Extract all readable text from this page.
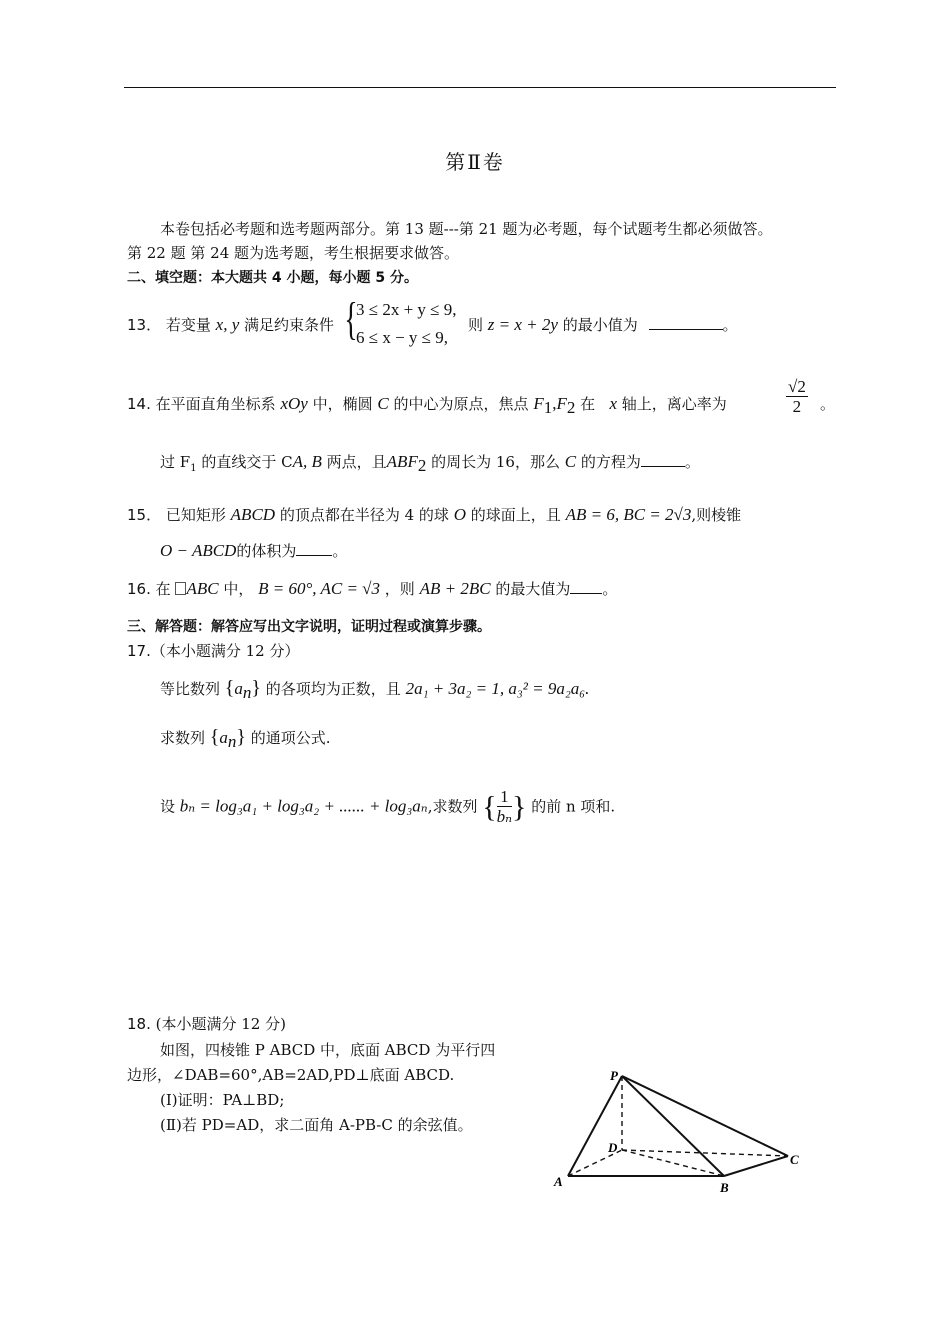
第Ⅱ卷
本卷包括必考题和选考题两部分。第 13 题---第 21 题为必考题，每个试题考生都必须做答。
第 22 题 第 24 题为选考题，考生根据要求做答。
二、填空题：本大题共 4 小题，每小题 5 分。
13． 若变量 x, y 满足约束条件 {
3 ≤ 2x + y ≤ 9,
6 ≤ x − y ≤ 9,
则 z = x + 2y 的最小值为	。
14. 在平面直角坐标系 xOy 中，椭圆 C 的中心为原点，焦点 $F_1,F_2$ 在 x 轴上，离心率为	$\frac{√2}{2}$ 。
过 $F_1$ 的直线交于 CA, B 两点，且$ABF_2$ 的周长为 16，那么 C 的方程为	。
15． 已知矩形 ABCD 的顶点都在半径为 4 的球 O 的球面上，且 AB = 6, BC = 2√3,则棱锥
O − ABCD的体积为 。
16. 在 ABC 中， B = 60°, AC = √3 ，则 AB + 2BC 的最大值为 。
三、解答题：解答应写出文字说明，证明过程或演算步骤。
17.（本小题满分 12 分）
等比数列 $\{a_n\}$ 的各项均为正数，且 2a₁ + 3a₂ = 1, a₃² = 9a₂a₆.
求数列 $\{a_n\}$ 的通项公式.
设 bₙ = log₃a₁ + log₃a₂ + ...... + log₃aₙ,求数列 { $\frac{1}{\text{bₙ}}$ } 的前 n 项和.
18. (本小题满分 12 分)
如图，四棱锥 P ABCD 中，底面 ABCD 为平行四
边形，∠DAB=60°,AB=2AD,PD⊥底面 ABCD.
(Ⅰ)证明：PA⊥BD;
(Ⅱ)若 PD=AD，求二面角 A-PB-C 的余弦值。
P
D
A	B
C
